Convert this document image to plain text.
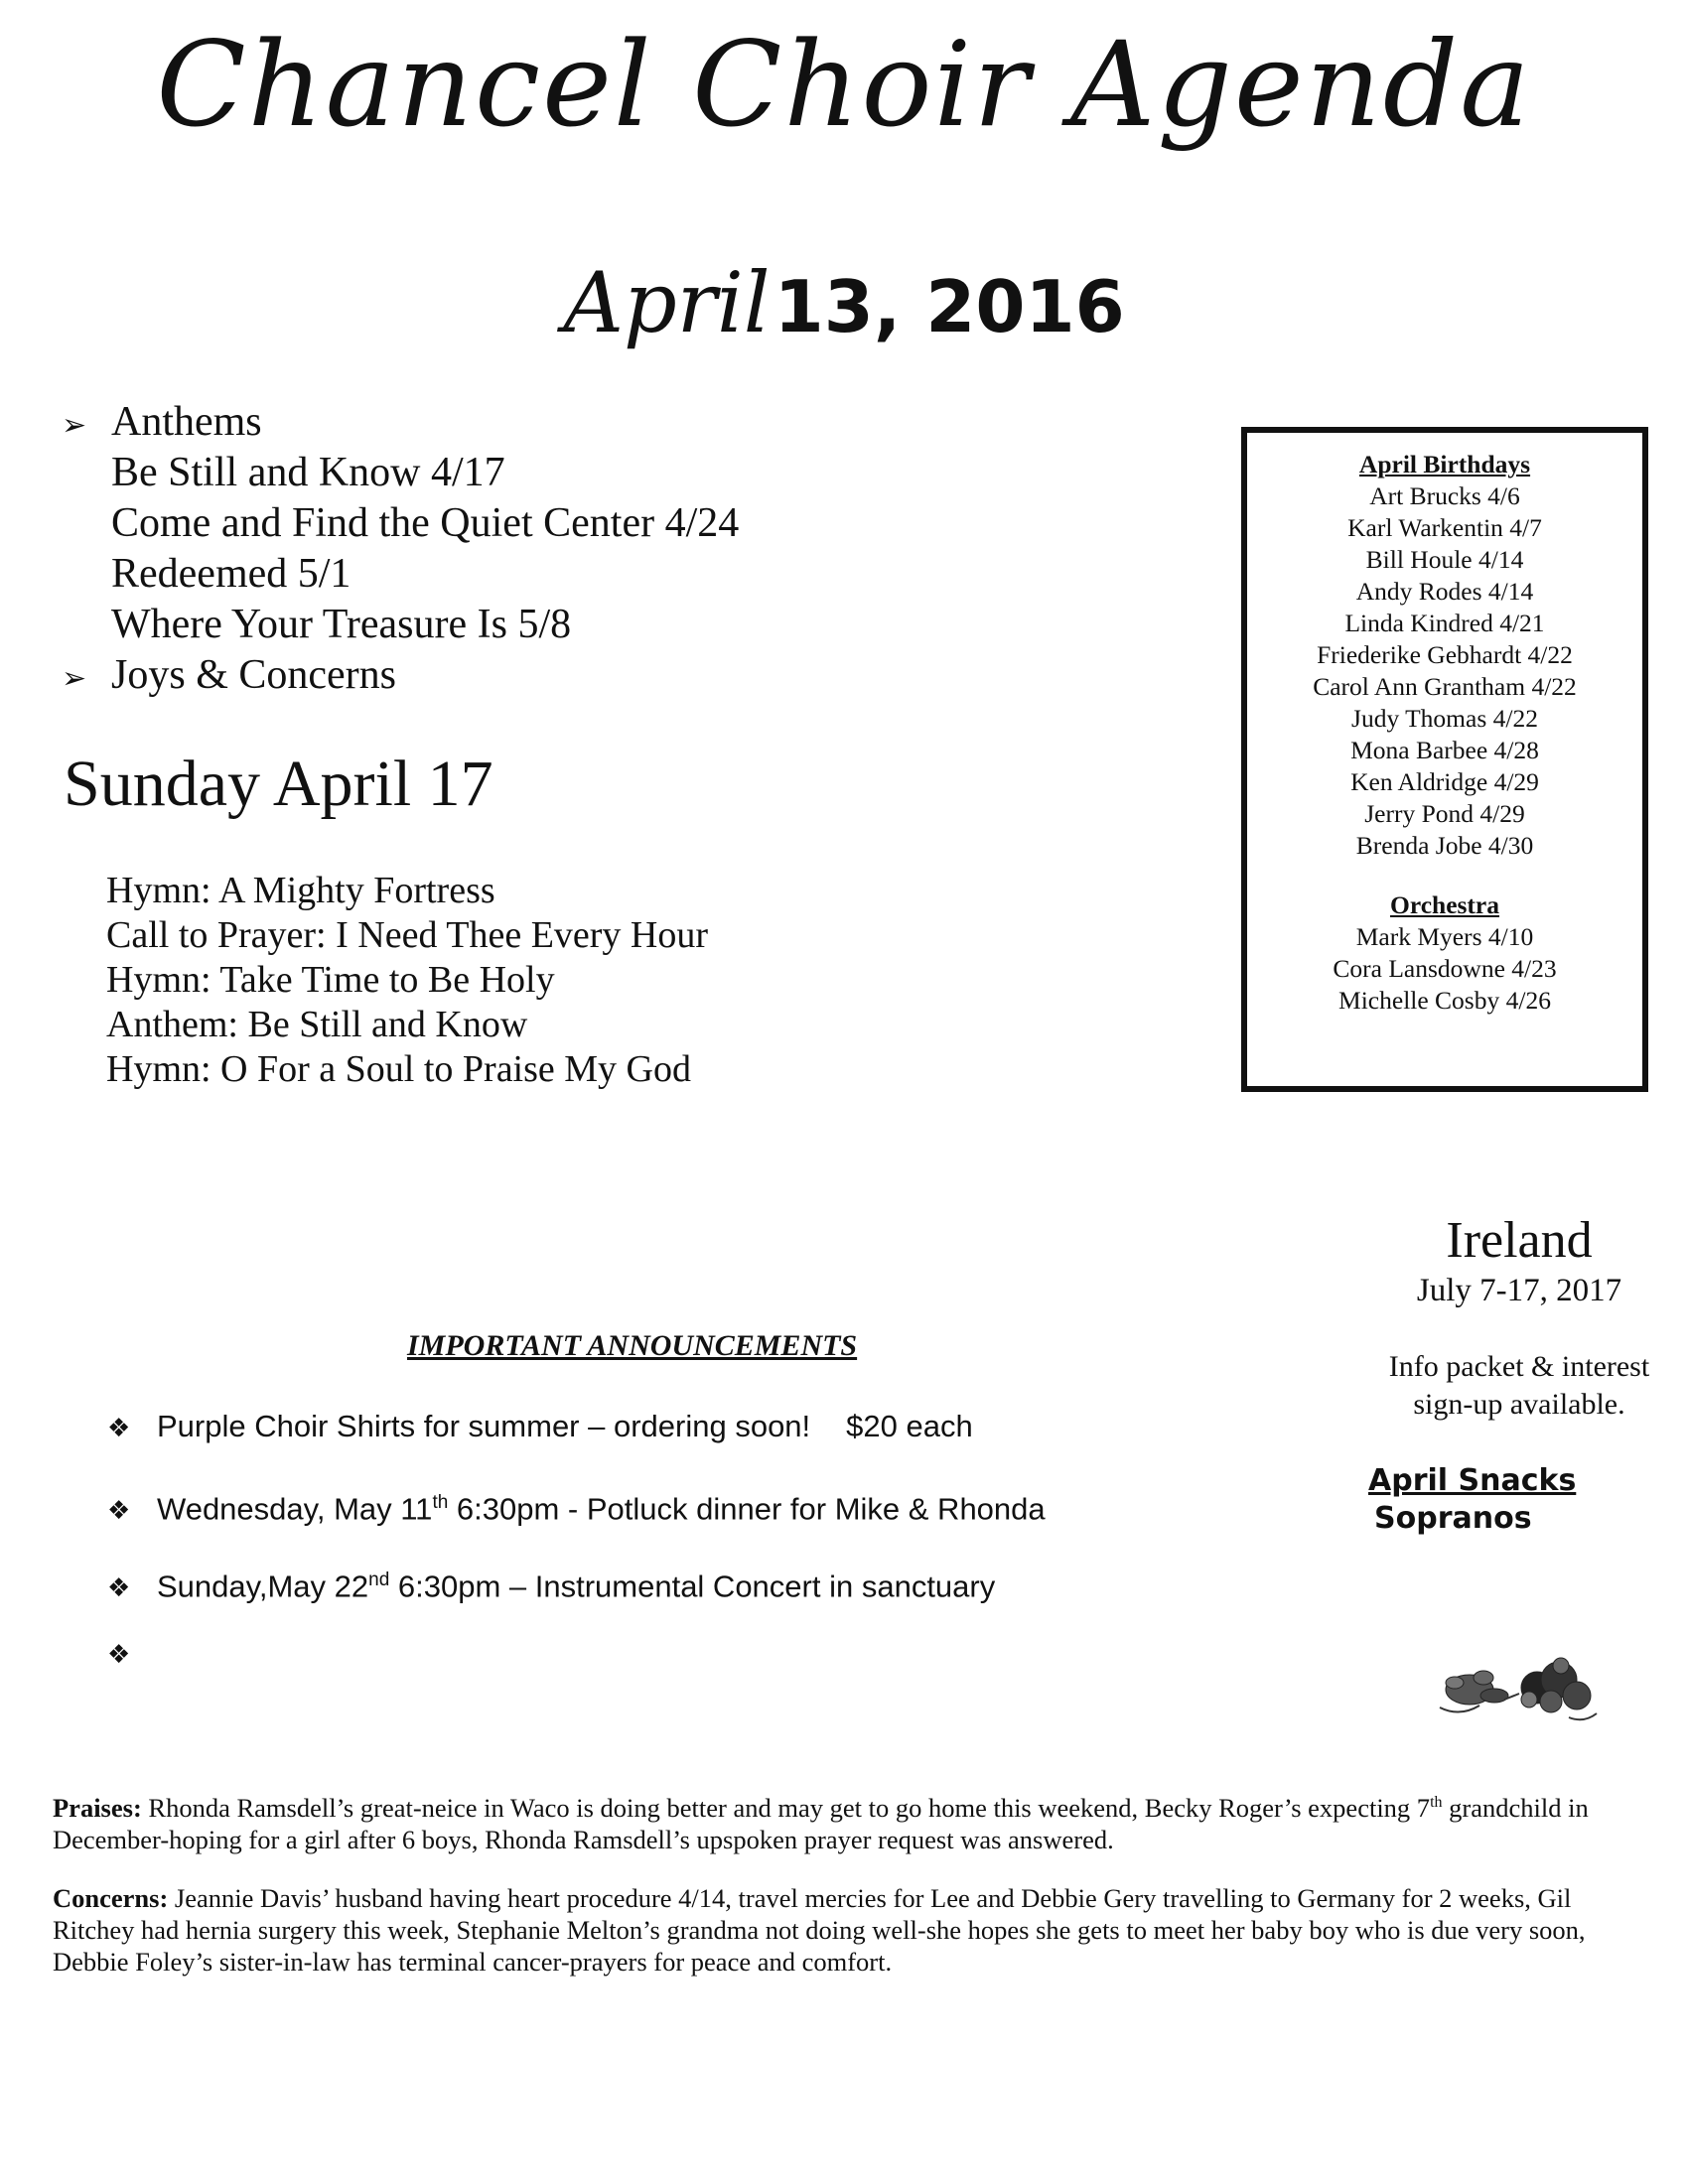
Chancel Choir Agenda
April 13, 2016
➢ Anthems
Be Still and Know 4/17
Come and Find the Quiet Center 4/24
Redeemed 5/1
Where Your Treasure Is 5/8
➢ Joys & Concerns
Sunday April 17
Hymn: A Mighty Fortress
Call to Prayer: I Need Thee Every Hour
Hymn: Take Time to Be Holy
Anthem: Be Still and Know
Hymn: O For a Soul to Praise My God
April Birthdays
Art Brucks 4/6
Karl Warkentin 4/7
Bill Houle 4/14
Andy Rodes 4/14
Linda Kindred 4/21
Friederike Gebhardt 4/22
Carol Ann Grantham 4/22
Judy Thomas 4/22
Mona Barbee 4/28
Ken Aldridge 4/29
Jerry Pond 4/29
Brenda Jobe 4/30
Orchestra
Mark Myers 4/10
Cora Lansdowne 4/23
Michelle Cosby 4/26
Ireland
July 7-17, 2017
Info packet & interest
sign-up available.
April Snacks
Sopranos
IMPORTANT ANNOUNCEMENTS
❖ Purple Choir Shirts for summer – ordering soon! $20 each
❖ Wednesday, May 11th 6:30pm - Potluck dinner for Mike & Rhonda
❖ Sunday,May 22nd 6:30pm – Instrumental Concert in sanctuary
❖
Praises: Rhonda Ramsdell’s great-neice in Waco is doing better and may get to go home this weekend, Becky Roger’s expecting 7th grandchild in December-hoping for a girl after 6 boys, Rhonda Ramsdell’s upspoken prayer request was answered.
Concerns: Jeannie Davis’ husband having heart procedure 4/14, travel mercies for Lee and Debbie Gery travelling to Germany for 2 weeks, Gil Ritchey had hernia surgery this week, Stephanie Melton’s grandma not doing well-she hopes she gets to meet her baby boy who is due very soon, Debbie Foley’s sister-in-law has terminal cancer-prayers for peace and comfort.
